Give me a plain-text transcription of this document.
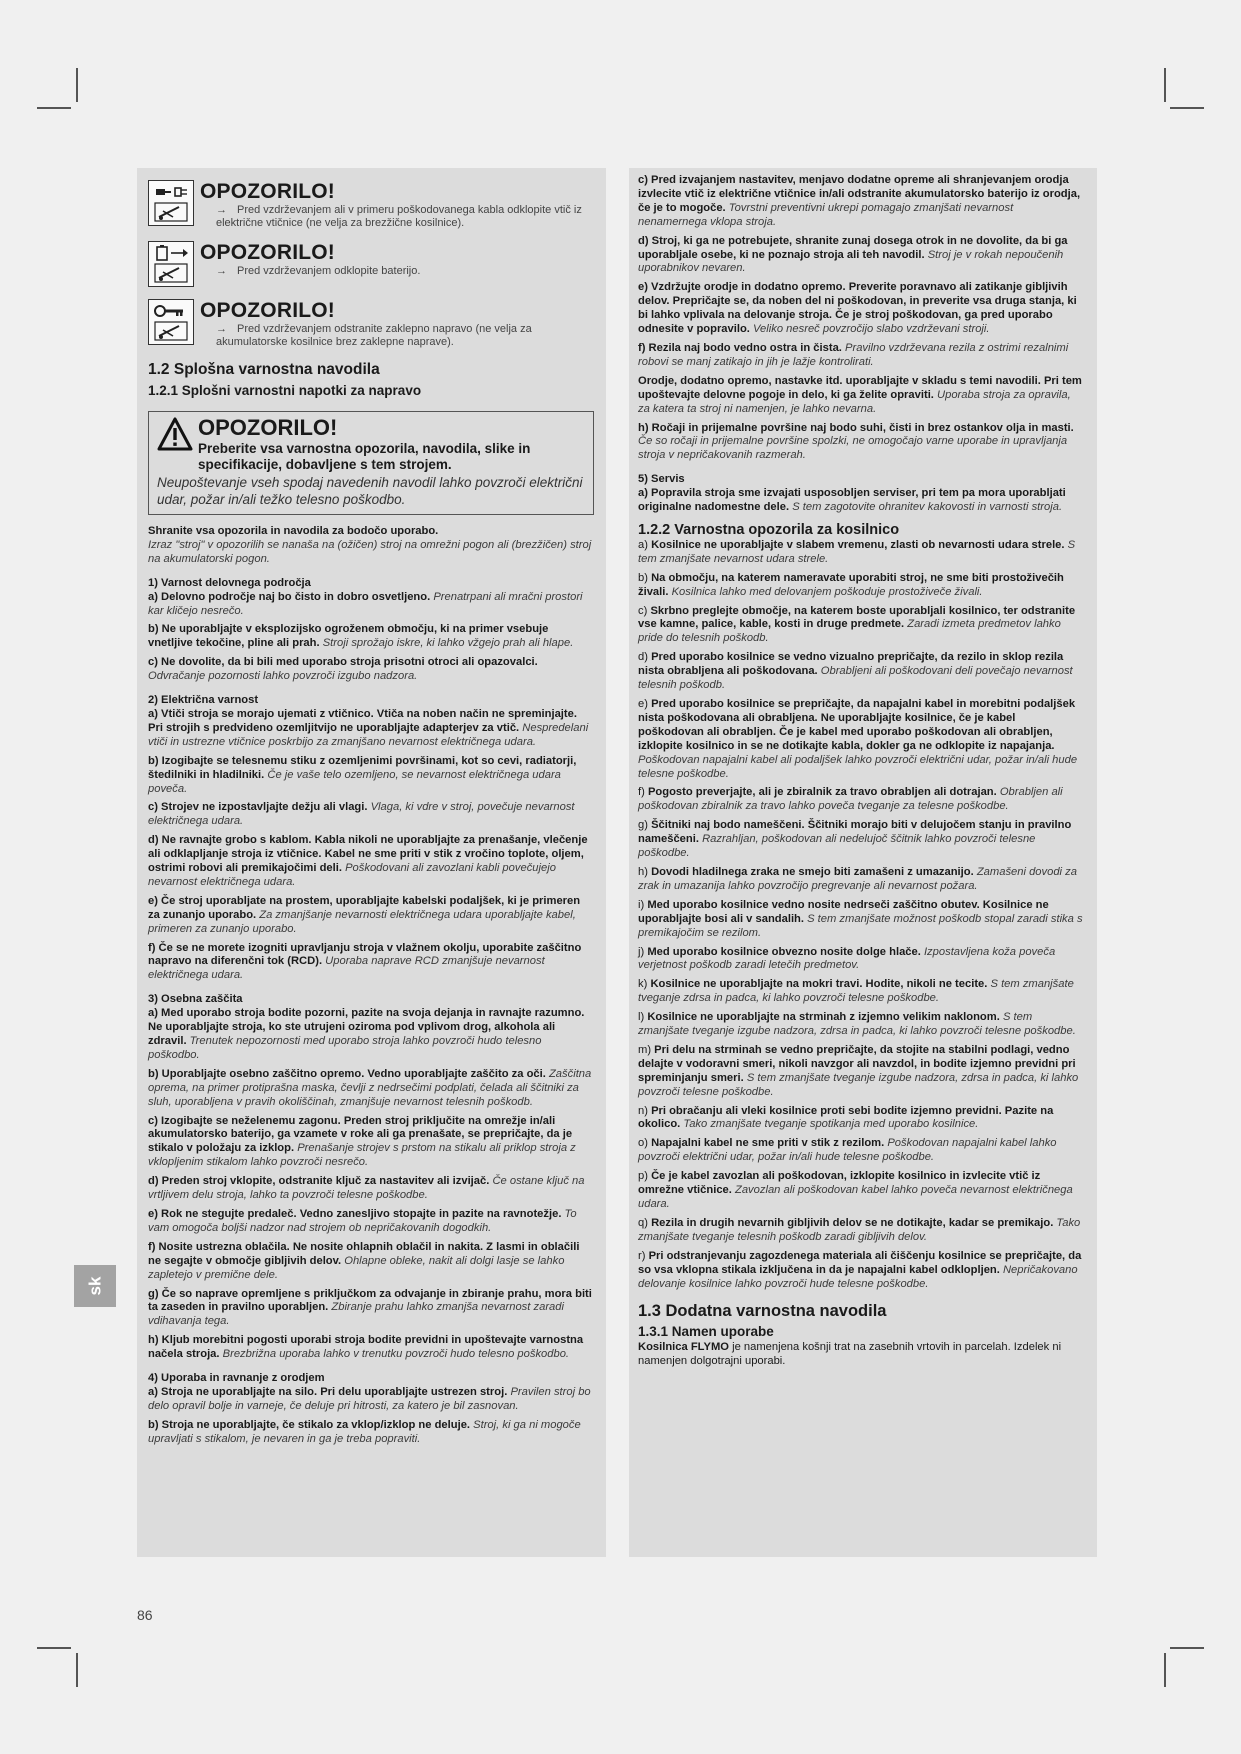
OPOZORILO!
→ Pred vzdrževanjem ali v primeru poškodovanega kabla odklopite vtič iz električne vtičnice (ne velja za brezžične kosilnice).
OPOZORILO!
→ Pred vzdrževanjem odklopite baterijo.
OPOZORILO!
→ Pred vzdrževanjem odstranite zaklepno napravo (ne velja za akumulatorske kosilnice brez zaklepne naprave).
1.2 Splošna varnostna navodila
1.2.1 Splošni varnostni napotki za napravo
OPOZORILO!
Preberite vsa varnostna opozorila, navodila, slike in specifikacije, dobavljene s tem strojem.
Neupoštevanje vseh spodaj navedenih navodil lahko povzroči električni udar, požar in/ali težko telesno poškodbo.

Shranite vsa opozorila in navodila za bodočo uporabo.

Izraz "stroj" v opozorilih se nanaša na (ožičen) stroj na omrežni pogon ali (brezžičen) stroj na akumulatorski pogon.

1) Varnost delovnega področja

a) Delovno področje naj bo čisto in dobro osvetljeno. Prenatrpani ali mračni prostori kar kličejo nesrečo.

b) Ne uporabljajte v eksplozijsko ogroženem območju, ki na primer vsebuje vnetljive tekočine, pline ali prah. Stroji sprožajo iskre, ki lahko vžgejo prah ali hlape.

c) Ne dovolite, da bi bili med uporabo stroja prisotni otroci ali opazovalci. Odvračanje pozornosti lahko povzroči izgubo nadzora.

2) Električna varnost

a) Vtiči stroja se morajo ujemati z vtičnico. Vtiča na noben način ne spreminjajte. Pri strojih s predvideno ozemljitvijo ne uporabljajte adapterjev za vtič. Nespredelani vtiči in ustrezne vtičnice poskrbijo za zmanjšano nevarnost električnega udara.

b) Izogibajte se telesnemu stiku z ozemljenimi površinami, kot so cevi, radiatorji, štedilniki in hladilniki. Če je vaše telo ozemljeno, se nevarnost električnega udara poveča.

c) Strojev ne izpostavljajte dežju ali vlagi. Vlaga, ki vdre v stroj, povečuje nevarnost električnega udara.

d) Ne ravnajte grobo s kablom. Kabla nikoli ne uporabljajte za prenašanje, vlečenje ali odklapljanje stroja iz vtičnice. Kabel ne sme priti v stik z vročino toplote, oljem, ostrimi robovi ali premikajočimi deli. Poškodovani ali zavozlani kabli povečujejo nevarnost električnega udara.

e) Če stroj uporabljate na prostem, uporabljajte kabelski podaljšek, ki je primeren za zunanjo uporabo. Za zmanjšanje nevarnosti električnega udara uporabljajte kabel, primeren za zunanjo uporabo.

f) Če se ne morete izogniti upravljanju stroja v vlažnem okolju, uporabite zaščitno napravo na diferenčni tok (RCD). Uporaba naprave RCD zmanjšuje nevarnost električnega udara.

3) Osebna zaščita

a) Med uporabo stroja bodite pozorni, pazite na svoja dejanja in ravnajte razumno. Ne uporabljajte stroja, ko ste utrujeni oziroma pod vplivom drog, alkohola ali zdravil. Trenutek nepozornosti med uporabo stroja lahko povzroči hudo telesno poškodbo.

b) Uporabljajte osebno zaščitno opremo. Vedno uporabljajte zaščito za oči. Zaščitna oprema, na primer protiprašna maska, čevlji z nedrsečimi podplati, čelada ali ščitniki za sluh, uporabljena v pravih okoliščinah, zmanjšuje nevarnost telesnih poškodb.

c) Izogibajte se neželenemu zagonu. Preden stroj priključite na omrežje in/ali akumulatorsko baterijo, ga vzamete v roke ali ga prenašate, se prepričajte, da je stikalo v položaju za izklop. Prenašanje strojev s prstom na stikalu ali priklop stroja z vklopljenim stikalom lahko povzroči nesrečo.

d) Preden stroj vklopite, odstranite ključ za nastavitev ali izvijač. Če ostane ključ na vrtljivem delu stroja, lahko ta povzroči telesne poškodbe.

e) Rok ne stegujte predaleč. Vedno zanesljivo stopajte in pazite na ravnotežje. To vam omogoča boljši nadzor nad strojem ob nepričakovanih dogodkih.

f) Nosite ustrezna oblačila. Ne nosite ohlapnih oblačil in nakita. Z lasmi in oblačili ne segajte v območje gibljivih delov. Ohlapne obleke, nakit ali dolgi lasje se lahko zapletejo v premične dele.

g) Če so naprave opremljene s priključkom za odvajanje in zbiranje prahu, mora biti ta zaseden in pravilno uporabljen. Zbiranje prahu lahko zmanjša nevarnost zaradi vdihavanja tega.

h) Kljub morebitni pogosti uporabi stroja bodite previdni in upoštevajte varnostna načela stroja. Brezbrižna uporaba lahko v trenutku povzroči hudo telesno poškodbo.

4) Uporaba in ravnanje z orodjem

a) Stroja ne uporabljajte na silo. Pri delu uporabljajte ustrezen stroj. Pravilen stroj bo delo opravil bolje in varneje, če deluje pri hitrosti, za katero je bil zasnovan.

b) Stroja ne uporabljajte, če stikalo za vklop/izklop ne deluje. Stroj, ki ga ni mogoče upravljati s stikalom, je nevaren in ga je treba popraviti.

c) Pred izvajanjem nastavitev, menjavo dodatne opreme ali shranjevanjem orodja izvlecite vtič iz električne vtičnice in/ali odstranite akumulatorsko baterijo iz orodja, če je to mogoče. Tovrstni preventivni ukrepi pomagajo zmanjšati nevarnost nenamernega vklopa stroja.

d) Stroj, ki ga ne potrebujete, shranite zunaj dosega otrok in ne dovolite, da bi ga uporabljale osebe, ki ne poznajo stroja ali teh navodil. Stroj je v rokah nepoučenih uporabnikov nevaren.

e) Vzdržujte orodje in dodatno opremo. Preverite poravnavo ali zatikanje gibljivih delov. Prepričajte se, da noben del ni poškodovan, in preverite vsa druga stanja, ki bi lahko vplivala na delovanje stroja. Če je stroj poškodovan, ga pred uporabo odnesite v popravilo. Veliko nesreč povzročijo slabo vzdrževani stroji.

f) Rezila naj bodo vedno ostra in čista. Pravilno vzdrževana rezila z ostrimi rezalnimi robovi se manj zatikajo in jih je lažje kontrolirati.

Orodje, dodatno opremo, nastavke itd. uporabljajte v skladu s temi navodili. Pri tem upoštevajte delovne pogoje in delo, ki ga želite opraviti. Uporaba stroja za opravila, za katera ta stroj ni namenjen, je lahko nevarna.

h) Ročaji in prijemalne površine naj bodo suhi, čisti in brez ostankov olja in masti. Če so ročaji in prijemalne površine spolzki, ne omogočajo varne uporabe in upravljanja stroja v nepričakovanih razmerah.

5) Servis

a) Popravila stroja sme izvajati usposobljen serviser, pri tem pa mora uporabljati originalne nadomestne dele. S tem zagotovite ohranitev kakovosti in varnosti stroja.

1.2.2 Varnostna opozorila za kosilnico

a) Kosilnice ne uporabljajte v slabem vremenu, zlasti ob nevarnosti udara strele. S tem zmanjšate nevarnost udara strele.

b) Na območju, na katerem nameravate uporabiti stroj, ne sme biti prostoživečih živali. Kosilnica lahko med delovanjem poškoduje prostoživeče živali.

c) Skrbno preglejte območje, na katerem boste uporabljali kosilnico, ter odstranite vse kamne, palice, kable, kosti in druge predmete. Zaradi izmeta predmetov lahko pride do telesnih poškodb.

d) Pred uporabo kosilnice se vedno vizualno prepričajte, da rezilo in sklop rezila nista obrabljena ali poškodovana. Obrabljeni ali poškodovani deli povečajo nevarnost telesnih poškodb.

e) Pred uporabo kosilnice se prepričajte, da napajalni kabel in morebitni podaljšek nista poškodovana ali obrabljena. Ne uporabljajte kosilnice, če je kabel poškodovan ali obrabljen. Če je kabel med uporabo poškodovan ali obrabljen, izklopite kosilnico in se ne dotikajte kabla, dokler ga ne odklopite iz napajanja. Poškodovan napajalni kabel ali podaljšek lahko povzroči električni udar, požar in/ali hude telesne poškodbe.

f) Pogosto preverjajte, ali je zbiralnik za travo obrabljen ali dotrajan. Obrabljen ali poškodovan zbiralnik za travo lahko poveča tveganje za telesne poškodbe.

g) Ščitniki naj bodo nameščeni. Ščitniki morajo biti v delujočem stanju in pravilno nameščeni. Razrahljan, poškodovan ali nedelujoč ščitnik lahko povzroči telesne poškodbe.

h) Dovodi hladilnega zraka ne smejo biti zamašeni z umazanijo. Zamašeni dovodi za zrak in umazanija lahko povzročijo pregrevanje ali nevarnost požara.

i) Med uporabo kosilnice vedno nosite nedrseči zaščitno obutev. Kosilnice ne uporabljajte bosi ali v sandalih. S tem zmanjšate možnost poškodb stopal zaradi stika s premikajočim se rezilom.

j) Med uporabo kosilnice obvezno nosite dolge hlače. Izpostavljena koža poveča verjetnost poškodb zaradi letečih predmetov.

k) Kosilnice ne uporabljajte na mokri travi. Hodite, nikoli ne tecite. S tem zmanjšate tveganje zdrsa in padca, ki lahko povzroči telesne poškodbe.

l) Kosilnice ne uporabljajte na strminah z izjemno velikim naklonom. S tem zmanjšate tveganje izgube nadzora, zdrsa in padca, ki lahko povzroči telesne poškodbe.

m) Pri delu na strminah se vedno prepričajte, da stojite na stabilni podlagi, vedno delajte v vodoravni smeri, nikoli navzgor ali navzdol, in bodite izjemno previdni pri spreminjanju smeri. S tem zmanjšate tveganje izgube nadzora, zdrsa in padca, ki lahko povzroči telesne poškodbe.

n) Pri obračanju ali vleki kosilnice proti sebi bodite izjemno previdni. Pazite na okolico. Tako zmanjšate tveganje spotikanja med uporabo kosilnice.

o) Napajalni kabel ne sme priti v stik z rezilom. Poškodovan napajalni kabel lahko povzroči električni udar, požar in/ali hude telesne poškodbe.

p) Če je kabel zavozlan ali poškodovan, izklopite kosilnico in izvlecite vtič iz omrežne vtičnice. Zavozlan ali poškodovan kabel lahko poveča nevarnost električnega udara.

q) Rezila in drugih nevarnih gibljivih delov se ne dotikajte, kadar se premikajo. Tako zmanjšate tveganje telesnih poškodb zaradi gibljivih delov.

r) Pri odstranjevanju zagozdenega materiala ali čiščenju kosilnice se prepričajte, da so vsa vklopna stikala izključena in da je napajalni kabel odklopljen. Nepričakovano delovanje kosilnice lahko povzroči hude telesne poškodbe.

1.3 Dodatna varnostna navodila
1.3.1 Namen uporabe

Kosilnica FLYMO je namenjena košnji trat na zasebnih vrtovih in parcelah. Izdelek ni namenjen dolgotrajni uporabi.

sk
86
